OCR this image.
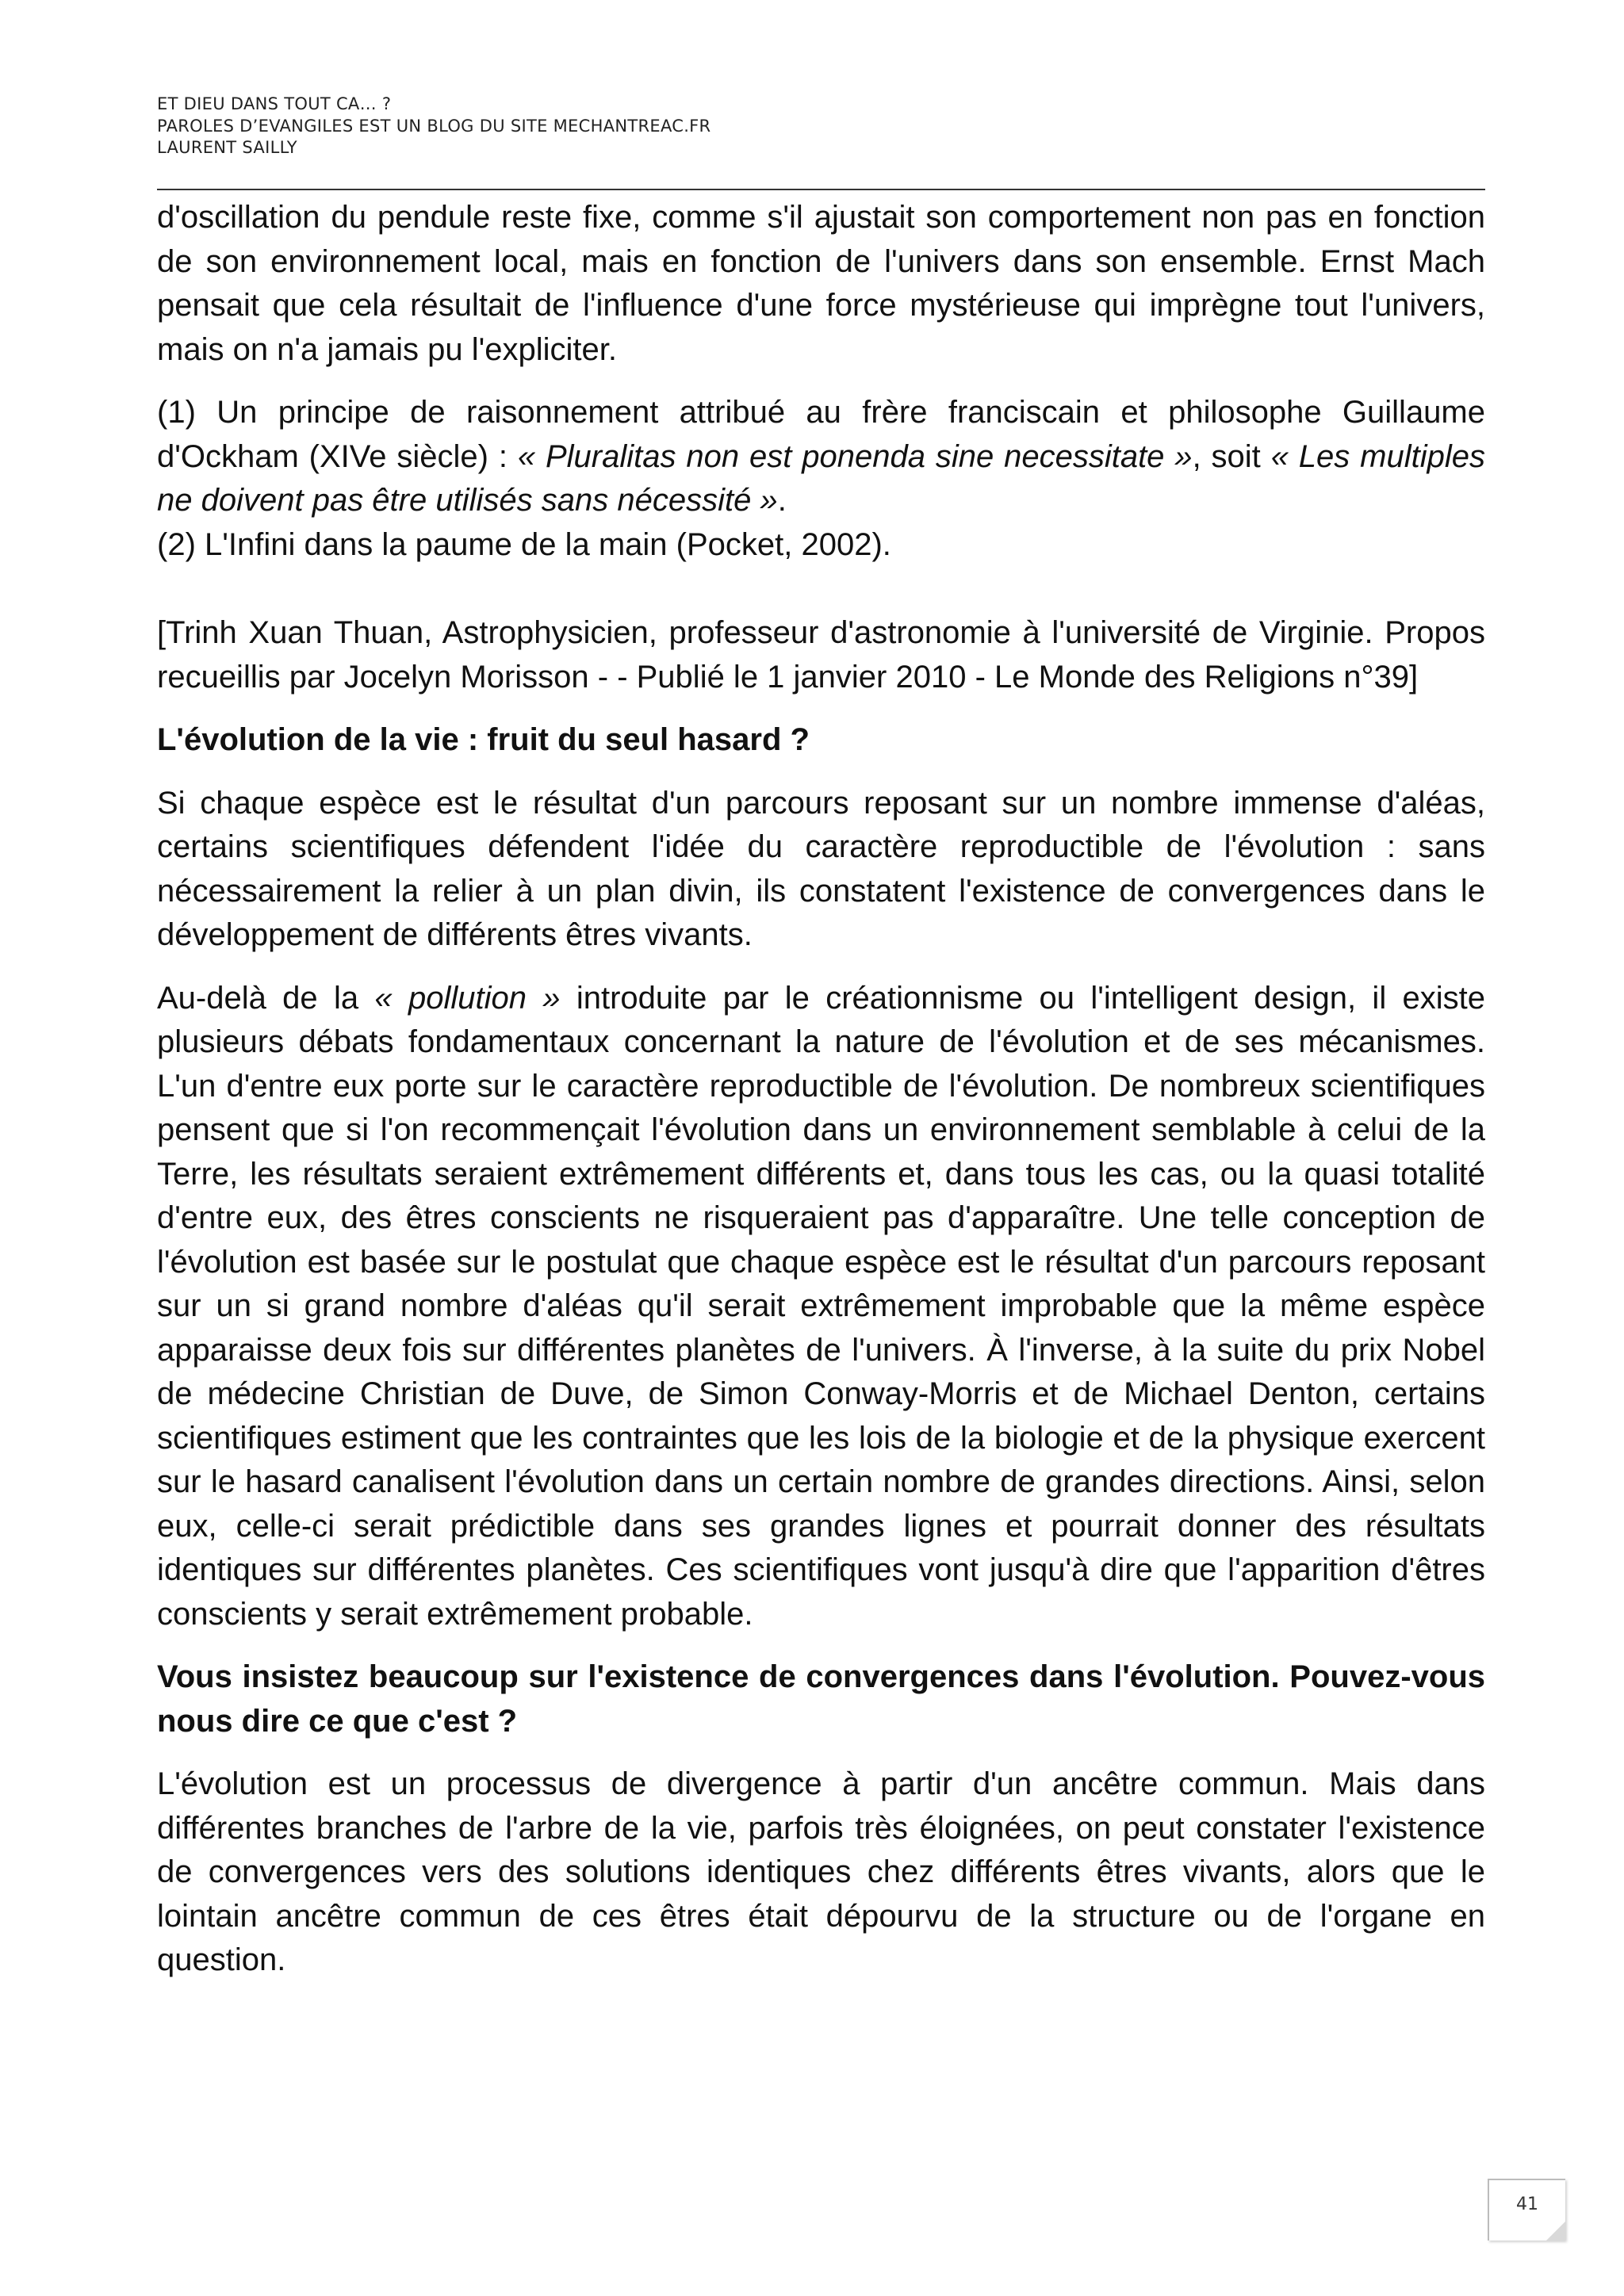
ET DIEU DANS TOUT CA… ?
PAROLES D’EVANGILES EST UN BLOG DU SITE MECHANTREAC.FR
LAURENT SAILLY

d'oscillation du pendule reste fixe, comme s'il ajustait son comportement non pas en fonction de son environnement local, mais en fonction de l'univers dans son ensemble. Ernst Mach pensait que cela résultait de l'influence d'une force mystérieuse qui imprègne tout l'univers, mais on n'a jamais pu l'expliciter.

(1) Un principe de raisonnement attribué au frère franciscain et philosophe Guillaume d'Ockham (XIVe siècle) : « Pluralitas non est ponenda sine necessitate », soit « Les multiples ne doivent pas être utilisés sans nécessité ».

(2) L'Infini dans la paume de la main (Pocket, 2002).

[Trinh Xuan Thuan, Astrophysicien, professeur d'astronomie à l'université de Virginie. Propos recueillis par Jocelyn Morisson - - Publié le 1 janvier 2010 - Le Monde des Religions n°39]

L'évolution de la vie : fruit du seul hasard ?

Si chaque espèce est le résultat d'un parcours reposant sur un nombre immense d'aléas, certains scientifiques défendent l'idée du caractère reproductible de l'évolution : sans nécessairement la relier à un plan divin, ils constatent l'existence de convergences dans le développement de différents êtres vivants.

Au-delà de la « pollution » introduite par le créationnisme ou l'intelligent design, il existe plusieurs débats fondamentaux concernant la nature de l'évolution et de ses mécanismes. L'un d'entre eux porte sur le caractère reproductible de l'évolution. De nombreux scientifiques pensent que si l'on recommençait l'évolution dans un environnement semblable à celui de la Terre, les résultats seraient extrêmement différents et, dans tous les cas, ou la quasi totalité d'entre eux, des êtres conscients ne risqueraient pas d'apparaître. Une telle conception de l'évolution est basée sur le postulat que chaque espèce est le résultat d'un parcours reposant sur un si grand nombre d'aléas qu'il serait extrêmement improbable que la même espèce apparaisse deux fois sur différentes planètes de l'univers. À l'inverse, à la suite du prix Nobel de médecine Christian de Duve, de Simon Conway-Morris et de Michael Denton, certains scientifiques estiment que les contraintes que les lois de la biologie et de la physique exercent sur le hasard canalisent l'évolution dans un certain nombre de grandes directions. Ainsi, selon eux, celle-ci serait prédictible dans ses grandes lignes et pourrait donner des résultats identiques sur différentes planètes. Ces scientifiques vont jusqu'à dire que l'apparition d'êtres conscients y serait extrêmement probable.

Vous insistez beaucoup sur l'existence de convergences dans l'évolution. Pouvez-vous nous dire ce que c'est ?

L'évolution est un processus de divergence à partir d'un ancêtre commun. Mais dans différentes branches de l'arbre de la vie, parfois très éloignées, on peut constater l'existence de convergences vers des solutions identiques chez différents êtres vivants, alors que le lointain ancêtre commun de ces êtres était dépourvu de la structure ou de l'organe en question.

41
